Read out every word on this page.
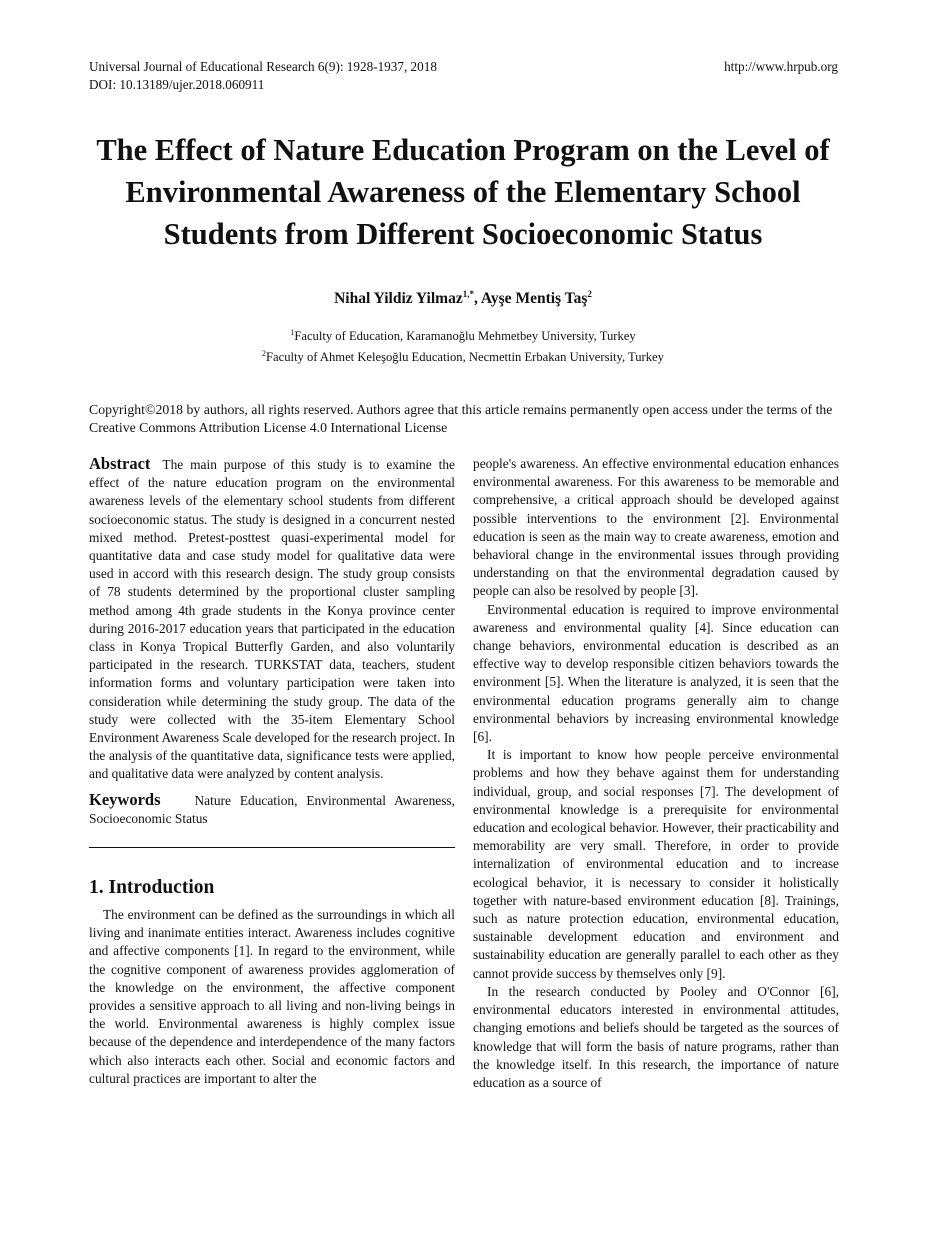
Universal Journal of Educational Research 6(9): 1928-1937, 2018
DOI: 10.13189/ujer.2018.060911
http://www.hrpub.org
The Effect of Nature Education Program on the Level of
Environmental Awareness of the Elementary School
Students from Different Socioeconomic Status
Nihal Yildiz Yilmaz$^{1,*}$, Ayşe Mentiş Taş$^2$
$^1$Faculty of Education, Karamanoğlu Mehmetbey University, Turkey
$^2$Faculty of Ahmet Keleşoğlu Education, Necmettin Erbakan University, Turkey
Copyright©2018 by authors, all rights reserved. Authors agree that this article remains permanently open access under the terms of the Creative Commons Attribution License 4.0 International License

Abstract The main purpose of this study is to examine the effect of the nature education program on the environmental awareness levels of the elementary school students from different socioeconomic status. The study is designed in a concurrent nested mixed method. Pretest-posttest quasi-experimental model for quantitative data and case study model for qualitative data were used in accord with this research design. The study group consists of 78 students determined by the proportional cluster sampling method among 4th grade students in the Konya province center during 2016-2017 education years that participated in the education class in Konya Tropical Butterfly Garden, and also voluntarily participated in the research. TURKSTAT data, teachers, student information forms and voluntary participation were taken into consideration while determining the study group. The data of the study were collected with the 35-item Elementary School Environment Awareness Scale developed for the research project. In the analysis of the quantitative data, significance tests were applied, and qualitative data were analyzed by content analysis.

Keywords	Nature Education, Environmental Awareness, Socioeconomic Status

1. Introduction

The environment can be defined as the surroundings in which all living and inanimate entities interact. Awareness includes cognitive and affective components [1]. In regard to the environment, while the cognitive component of awareness provides agglomeration of the knowledge on the environment, the affective component provides a sensitive approach to all living and non-living beings in the world. Environmental awareness is highly complex issue because of the dependence and interdependence of the many factors which also interacts each other. Social and economic factors and cultural practices are important to alter the

people's awareness. An effective environmental education enhances environmental awareness. For this awareness to be memorable and comprehensive, a critical approach should be developed against possible interventions to the environment [2]. Environmental education is seen as the main way to create awareness, emotion and behavioral change in the environmental issues through providing understanding on that the environmental degradation caused by people can also be resolved by people [3].

Environmental education is required to improve environmental awareness and environmental quality [4]. Since education can change behaviors, environmental education is described as an effective way to develop responsible citizen behaviors towards the environment [5]. When the literature is analyzed, it is seen that the environmental education programs generally aim to change environmental behaviors by increasing environmental knowledge [6].

It is important to know how people perceive environmental problems and how they behave against them for understanding individual, group, and social responses [7]. The development of environmental knowledge is a prerequisite for environmental education and ecological behavior. However, their practicability and memorability are very small. Therefore, in order to provide internalization of environmental education and to increase ecological behavior, it is necessary to consider it holistically together with nature-based environment education [8]. Trainings, such as nature protection education, environmental education, sustainable development education and environment and sustainability education are generally parallel to each other as they cannot provide success by themselves only [9].

In the research conducted by Pooley and O'Connor [6], environmental educators interested in environmental attitudes, changing emotions and beliefs should be targeted as the sources of knowledge that will form the basis of nature programs, rather than the knowledge itself. In this research, the importance of nature education as a source of
